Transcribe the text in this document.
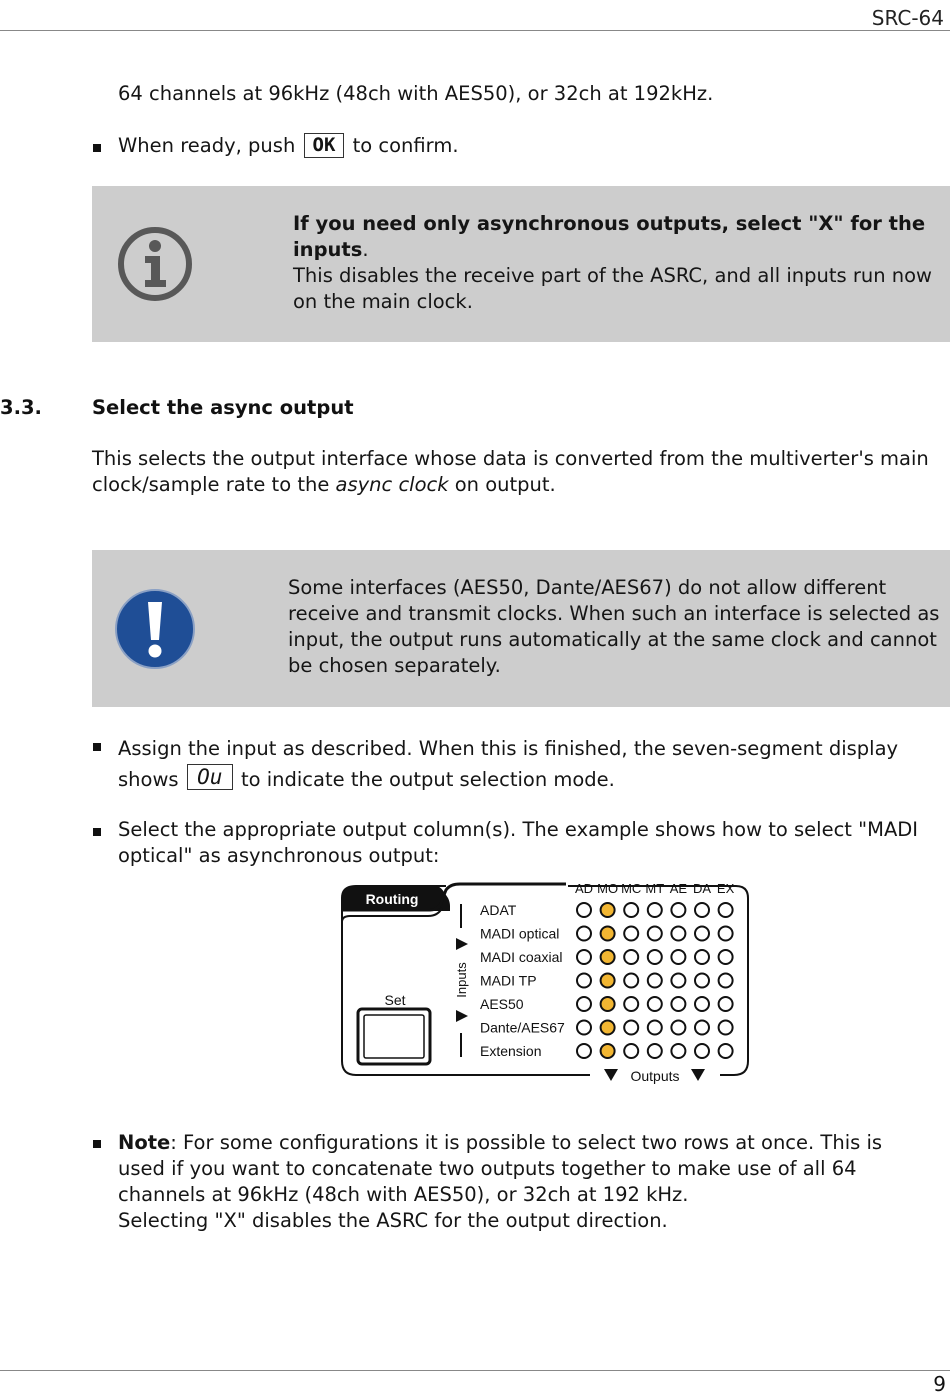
SRC-64
64 channels at 96kHz (48ch with AES50), or 32ch at 192kHz.
When ready, push OK to confirm.
If you need only asynchronous outputs, select "X" for the inputs.
This disables the receive part of the ASRC, and all inputs run now on the main clock.
3.3.	Select the async output
This selects the output interface whose data is converted from the multiverter's main clock/sample rate to the async clock on output.
Some interfaces (AES50, Dante/AES67) do not allow different receive and transmit clocks. When such an interface is selected as input, the output runs automatically at the same clock and cannot be chosen separately.
Assign the input as described. When this is finished, the seven-segment display shows Ou to indicate the output selection mode.
Select the appropriate output column(s). The example shows how to select "MADI optical" as asynchronous output:
Routing
Set
Inputs
Outputs
AD MO MC MT AE DA EX
ADAT
MADI optical
MADI coaxial
MADI TP
AES50
Dante/AES67
Extension
Note: For some configurations it is possible to select two rows at once. This is used if you want to concatenate two outputs together to make use of all 64 channels at 96kHz (48ch with AES50), or 32ch at 192 kHz.
Selecting "X" disables the ASRC for the output direction.
9
